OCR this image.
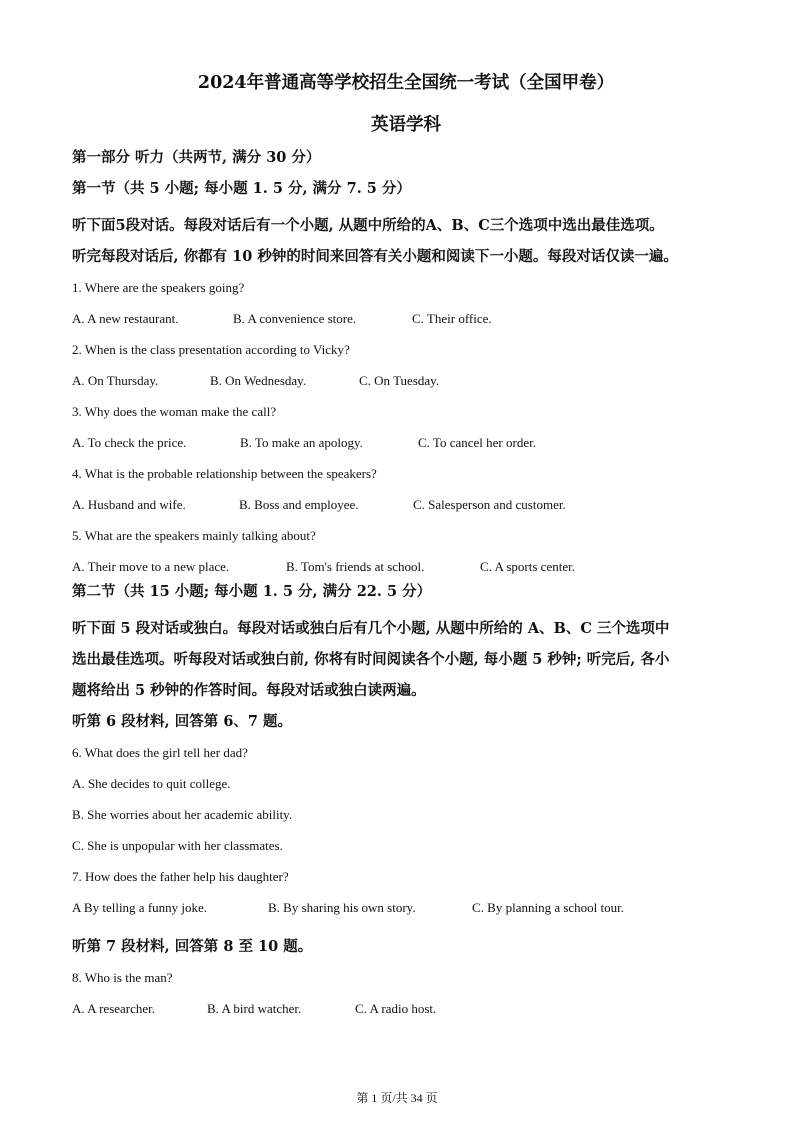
2024年普通高等学校招生全国统一考试（全国甲卷）
英语学科

第一部分 听力（共两节, 满分 30 分）

第一节（共 5 小题; 每小题 1. 5 分, 满分 7. 5 分）

听下面5段对话。每段对话后有一个小题, 从题中所给的A、B、C三个选项中选出最佳选项。

听完每段对话后, 你都有 10 秒钟的时间来回答有关小题和阅读下一小题。每段对话仅读一遍。

1. Where are the speakers going?

A. A new restaurant.	B. A convenience store.	C. Their office.

2. When is the class presentation according to Vicky?

A. On Thursday.	B. On Wednesday.	C. On Tuesday.

3. Why does the woman make the call?

A. To check the price.	B. To make an apology.	C. To cancel her order.

4. What is the probable relationship between the speakers?

A. Husband and wife.	B. Boss and employee.	C. Salesperson and customer.

5. What are the speakers mainly talking about?

A. Their move to a new place.	B. Tom's friends at school.	C. A sports center.

第二节（共 15 小题; 每小题 1. 5 分, 满分 22. 5 分）

听下面 5 段对话或独白。每段对话或独白后有几个小题, 从题中所给的 A、B、C 三个选项中

选出最佳选项。听每段对话或独白前, 你将有时间阅读各个小题, 每小题 5 秒钟; 听完后, 各小

题将给出 5 秒钟的作答时间。每段对话或独白读两遍。

听第 6 段材料, 回答第 6、7 题。

6. What does the girl tell her dad?

A. She decides to quit college.

B. She worries about her academic ability.

C. She is unpopular with her classmates.

7. How does the father help his daughter?

A By telling a funny joke.	B. By sharing his own story.	C. By planning a school tour.

听第 7 段材料, 回答第 8 至 10 题。

8. Who is the man?

A. A researcher.	B. A bird watcher.	C. A radio host.
第 1 页/共 34 页
